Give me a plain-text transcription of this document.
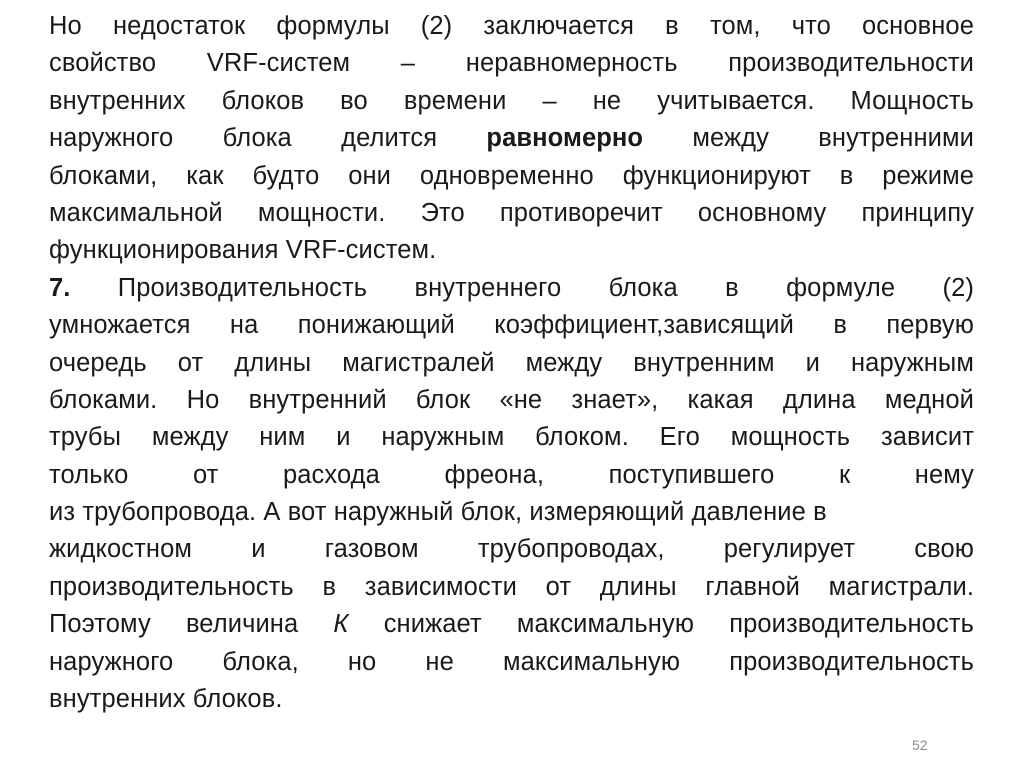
Но недостаток формулы (2) заключается в том, что основное
свойство VRF-систем – неравномерность производительности
внутренних блоков во времени – не учитывается. Мощность
наружного блока делится равномерно между внутренними
блоками, как будто они одновременно функционируют в режиме
максимальной мощности. Это противоречит основному принципу
функционирования VRF-систем.
7. Производительность внутреннего блока в формуле (2)
умножается на понижающий коэффициент,зависящий в первую
очередь от длины магистралей между внутренним и наружным
блоками. Но внутренний блок «не знает», какая длина медной
трубы между ним и наружным блоком. Его мощность зависит
только от расхода фреона, поступившего к нему
из трубопровода. А вот наружный блок, измеряющий давление в
жидкостном и газовом трубопроводах, регулирует свою
производительность в зависимости от длины главной магистрали.
Поэтому величина К снижает максимальную производительность
наружного блока, но не максимальную производительность
внутренних блоков.
52
